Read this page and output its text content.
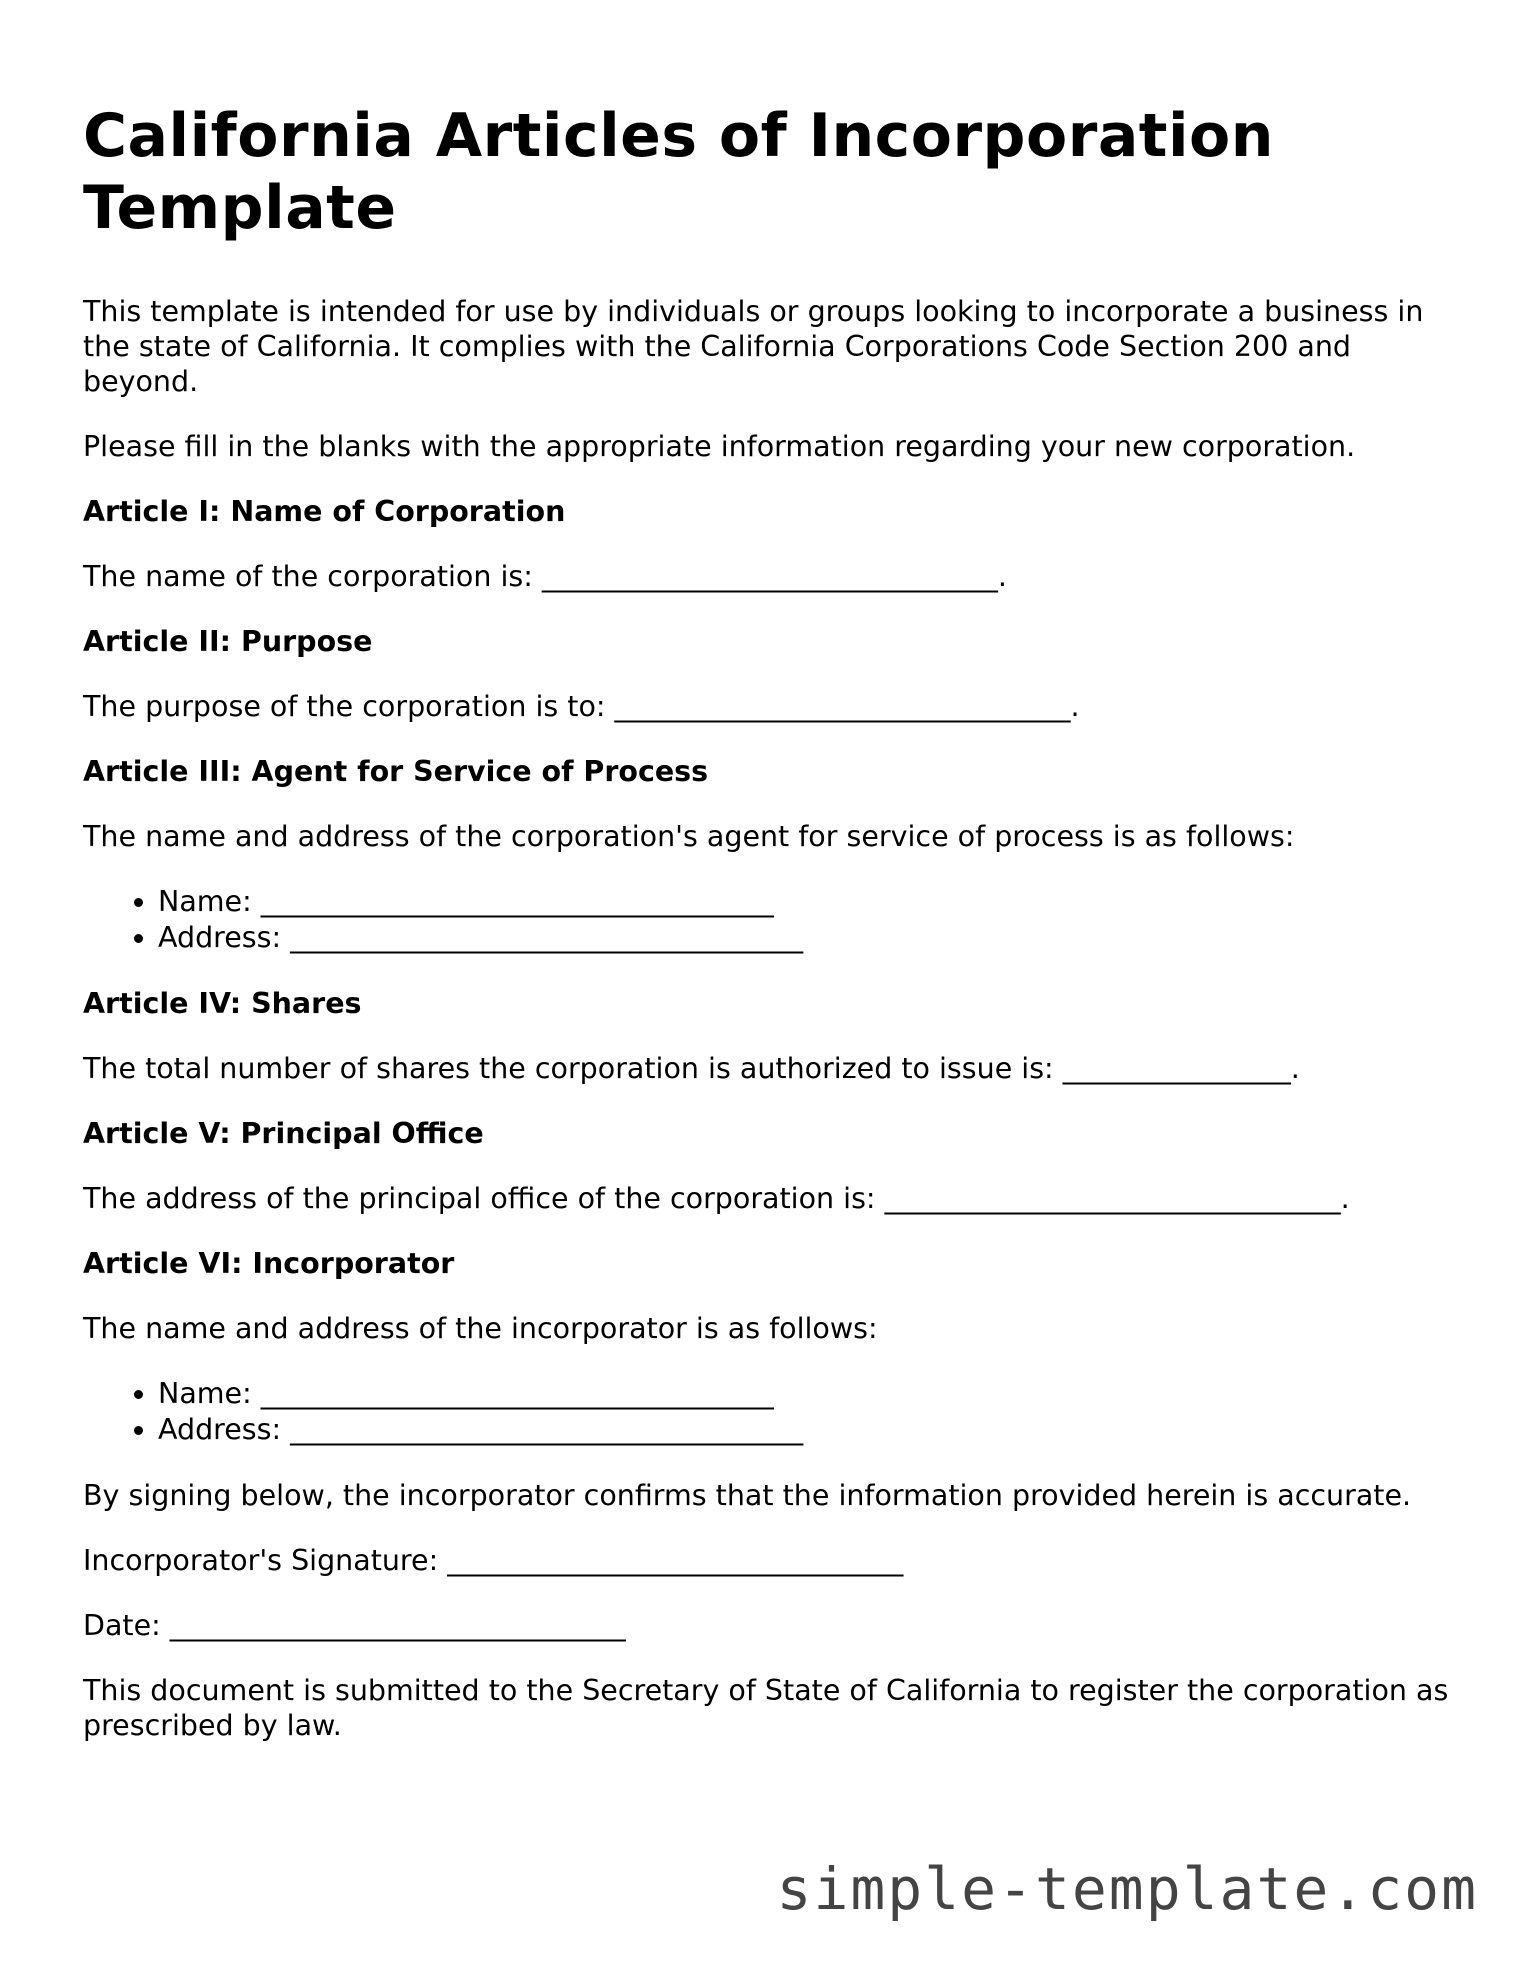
California Articles of Incorporation Template

This template is intended for use by individuals or groups looking to incorporate a business in the state of California. It complies with the California Corporations Code Section 200 and beyond.

Please fill in the blanks with the appropriate information regarding your new corporation.

Article I: Name of Corporation

The name of the corporation is: ________________________________.

Article II: Purpose

The purpose of the corporation is to: ________________________________.

Article III: Agent for Service of Process

The name and address of the corporation's agent for service of process is as follows:

• Name: ____________________________________
• Address: ____________________________________
Article IV: Shares

The total number of shares the corporation is authorized to issue is: ________________.

Article V: Principal Office

The address of the principal office of the corporation is: ________________________________.

Article VI: Incorporator

The name and address of the incorporator is as follows:

• Name: ____________________________________
• Address: ____________________________________

By signing below, the incorporator confirms that the information provided herein is accurate.

Incorporator's Signature: ________________________________

Date: ________________________________

This document is submitted to the Secretary of State of California to register the corporation as prescribed by law.

simple-template.com
